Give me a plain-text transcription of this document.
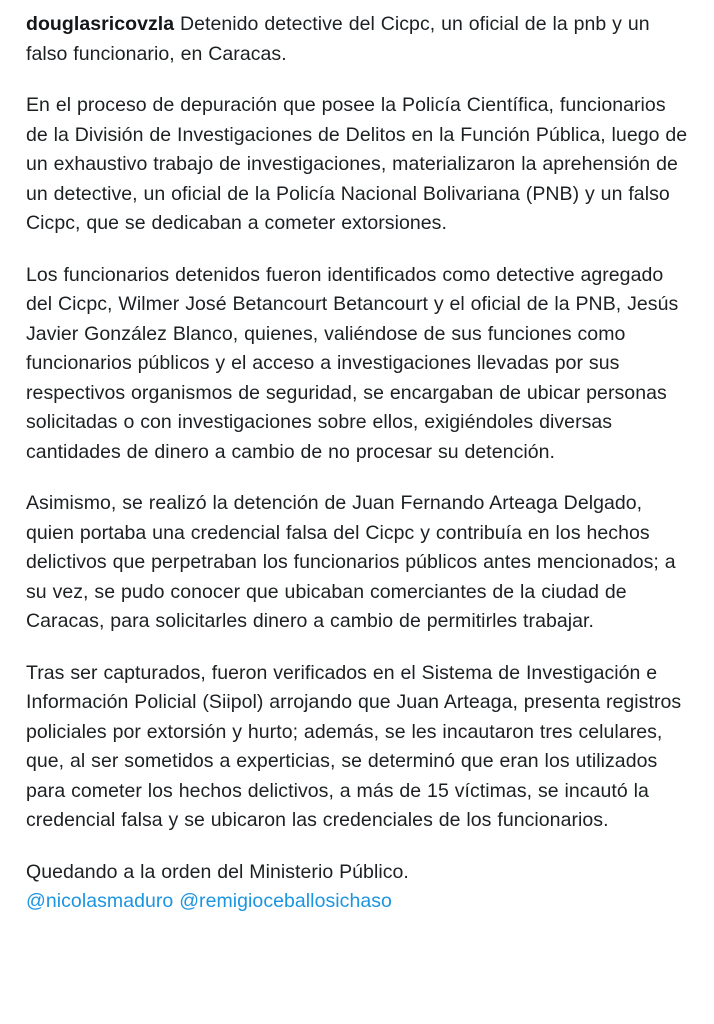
douglasricovzla Detenido detective del Cicpc, un oficial de la pnb y un falso funcionario, en Caracas.

En el proceso de depuración que posee la Policía Científica, funcionarios de la División de Investigaciones de Delitos en la Función Pública, luego de un exhaustivo trabajo de investigaciones, materializaron la aprehensión de un detective, un oficial de la Policía Nacional Bolivariana (PNB) y un falso Cicpc, que se dedicaban a cometer extorsiones.

Los funcionarios detenidos fueron identificados como detective agregado del Cicpc, Wilmer José Betancourt Betancourt y el oficial de la PNB, Jesús Javier González Blanco, quienes, valiéndose de sus funciones como funcionarios públicos y el acceso a investigaciones llevadas por sus respectivos organismos de seguridad, se encargaban de ubicar personas solicitadas o con investigaciones sobre ellos, exigiéndoles diversas cantidades de dinero a cambio de no procesar su detención.

Asimismo, se realizó la detención de Juan Fernando Arteaga Delgado, quien portaba una credencial falsa del Cicpc y contribuía en los hechos delictivos que perpetraban los funcionarios públicos antes mencionados; a su vez, se pudo conocer que ubicaban comerciantes de la ciudad de Caracas, para solicitarles dinero a cambio de permitirles trabajar.

Tras ser capturados, fueron verificados en el Sistema de Investigación e Información Policial (Siipol) arrojando que Juan Arteaga, presenta registros policiales por extorsión y hurto; además, se les incautaron tres celulares, que, al ser sometidos a experticias, se determinó que eran los utilizados para cometer los hechos delictivos, a más de 15 víctimas, se incautó la credencial falsa y se ubicaron las credenciales de los funcionarios.

Quedando a la orden del Ministerio Público.
@nicolasmaduro @remigioceballosichaso
